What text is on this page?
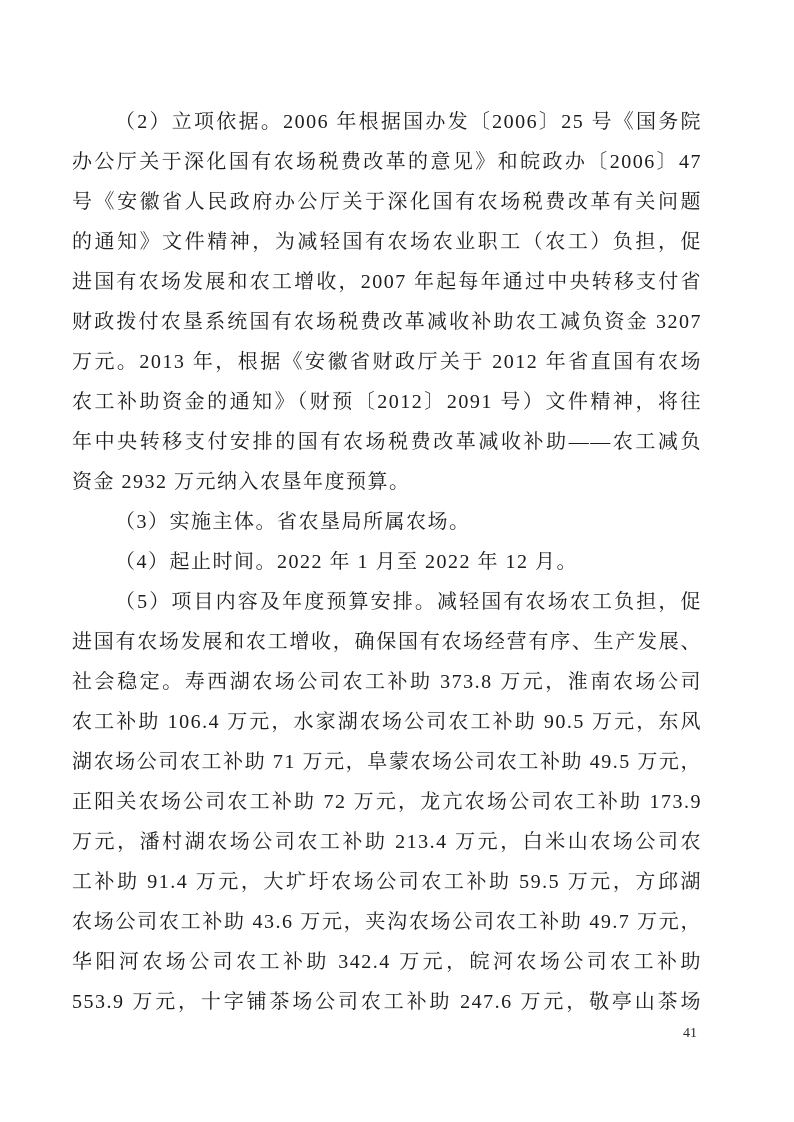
（2）立项依据。2006 年根据国办发〔2006〕25 号《国务院
办公厅关于深化国有农场税费改革的意见》和皖政办〔2006〕47
号《安徽省人民政府办公厅关于深化国有农场税费改革有关问题
的通知》文件精神，为减轻国有农场农业职工（农工）负担，促
进国有农场发展和农工增收，2007 年起每年通过中央转移支付省
财政拨付农垦系统国有农场税费改革减收补助农工减负资金 3207
万元。2013 年，根据《安徽省财政厅关于 2012 年省直国有农场
农工补助资金的通知》（财预〔2012〕2091 号）文件精神，将往
年中央转移支付安排的国有农场税费改革减收补助——农工减负
资金 2932 万元纳入农垦年度预算。
（3）实施主体。省农垦局所属农场。
（4）起止时间。2022 年 1 月至 2022 年 12 月。
（5）项目内容及年度预算安排。减轻国有农场农工负担，促
进国有农场发展和农工增收，确保国有农场经营有序、生产发展、
社会稳定。寿西湖农场公司农工补助 373.8 万元，淮南农场公司
农工补助 106.4 万元，水家湖农场公司农工补助 90.5 万元，东风
湖农场公司农工补助 71 万元，阜蒙农场公司农工补助 49.5 万元，
正阳关农场公司农工补助 72 万元，龙亢农场公司农工补助 173.9
万元，潘村湖农场公司农工补助 213.4 万元，白米山农场公司农
工补助 91.4 万元，大圹圩农场公司农工补助 59.5 万元，方邱湖
农场公司农工补助 43.6 万元，夹沟农场公司农工补助 49.7 万元，
华阳河农场公司农工补助 342.4 万元，皖河农场公司农工补助
553.9 万元，十字铺茶场公司农工补助 247.6 万元，敬亭山茶场
41
